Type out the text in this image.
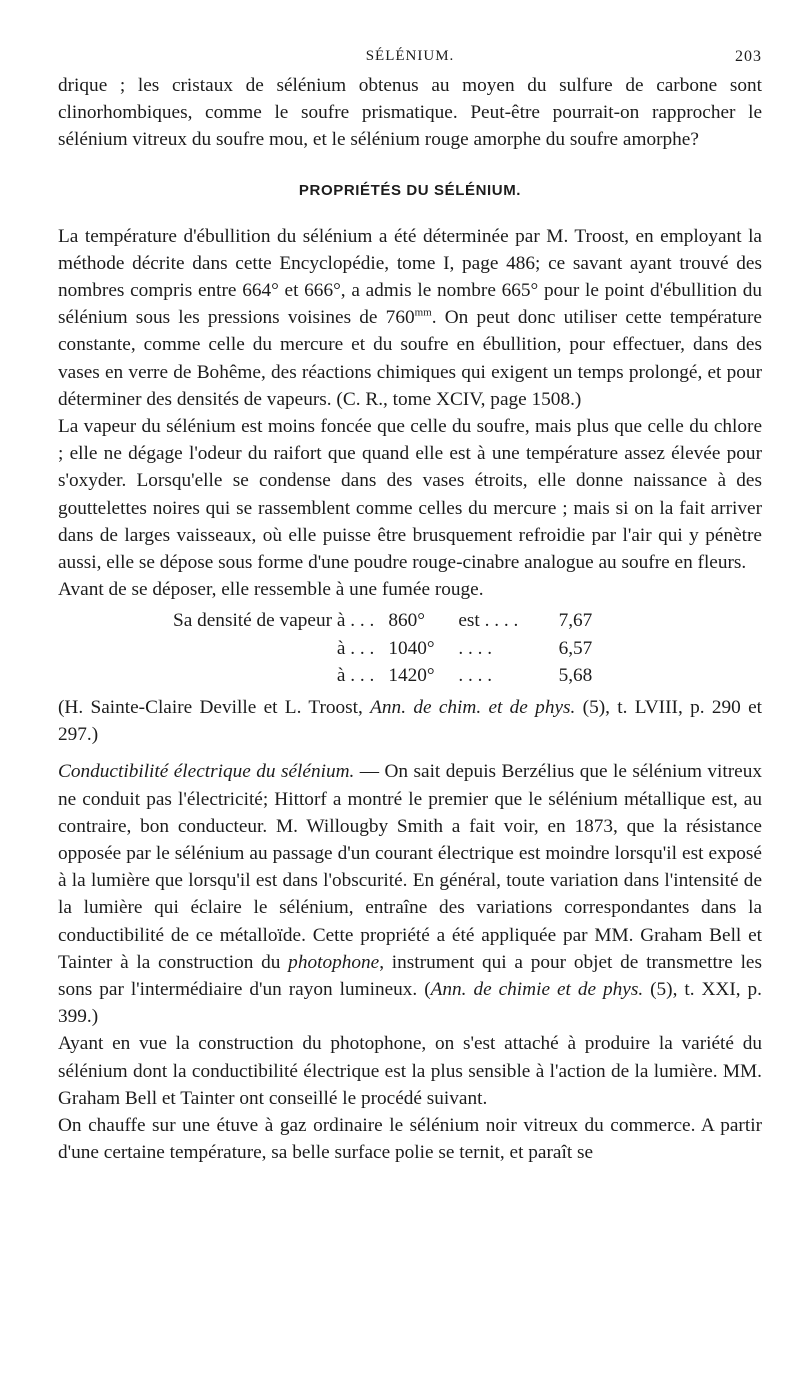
SÉLÉNIUM.	203

drique ; les cristaux de sélénium obtenus au moyen du sulfure de carbone sont clinorhombiques, comme le soufre prismatique. Peut-être pourrait-on rapprocher le sélénium vitreux du soufre mou, et le sélénium rouge amorphe du soufre amorphe?

PROPRIÉTÉS DU SÉLÉNIUM.

La température d'ébullition du sélénium a été déterminée par M. Troost, en employant la méthode décrite dans cette Encyclopédie, tome I, page 486; ce savant ayant trouvé des nombres compris entre 664° et 666°, a admis le nombre 665° pour le point d'ébullition du sélénium sous les pressions voisines de $760^{mm}$. On peut donc utiliser cette température constante, comme celle du mercure et du soufre en ébullition, pour effectuer, dans des vases en verre de Bohême, des réactions chimiques qui exigent un temps prolongé, et pour déterminer des densités de vapeurs. (C. R., tome XCIV, page 1508.)

La vapeur du sélénium est moins foncée que celle du soufre, mais plus que celle du chlore ; elle ne dégage l'odeur du raifort que quand elle est à une température assez élevée pour s'oxyder. Lorsqu'elle se condense dans des vases étroits, elle donne naissance à des gouttelettes noires qui se rassemblent comme celles du mercure ; mais si on la fait arriver dans de larges vaisseaux, où elle puisse être brusquement refroidie par l'air qui y pénètre aussi, elle se dépose sous forme d'une poudre rouge-cinabre analogue au soufre en fleurs.

Avant de se déposer, elle ressemble à une fumée rouge.

Sa densité de vapeur à . . .	860°	est . . . .	7,67
à . . .	1040°	. . . .	6,57
à . . .	1420°	. . . .	5,68

(H. Sainte-Claire Deville et L. Troost, Ann. de chim. et de phys. (5), t. LVIII, p. 290 et 297.)

Conductibilité électrique du sélénium. — On sait depuis Berzélius que le sélénium vitreux ne conduit pas l'électricité; Hittorf a montré le premier que le sélénium métallique est, au contraire, bon conducteur. M. Willougby Smith a fait voir, en 1873, que la résistance opposée par le sélénium au passage d'un courant électrique est moindre lorsqu'il est exposé à la lumière que lorsqu'il est dans l'obscurité. En général, toute variation dans l'intensité de la lumière qui éclaire le sélénium, entraîne des variations correspondantes dans la conductibilité de ce métalloïde. Cette propriété a été appliquée par MM. Graham Bell et Tainter à la construction du photophone, instrument qui a pour objet de transmettre les sons par l'intermédiaire d'un rayon lumineux. (Ann. de chimie et de phys. (5), t. XXI, p. 399.)

Ayant en vue la construction du photophone, on s'est attaché à produire la variété du sélénium dont la conductibilité électrique est la plus sensible à l'action de la lumière. MM. Graham Bell et Tainter ont conseillé le procédé suivant.

On chauffe sur une étuve à gaz ordinaire le sélénium noir vitreux du commerce. A partir d'une certaine température, sa belle surface polie se ternit, et paraît se
